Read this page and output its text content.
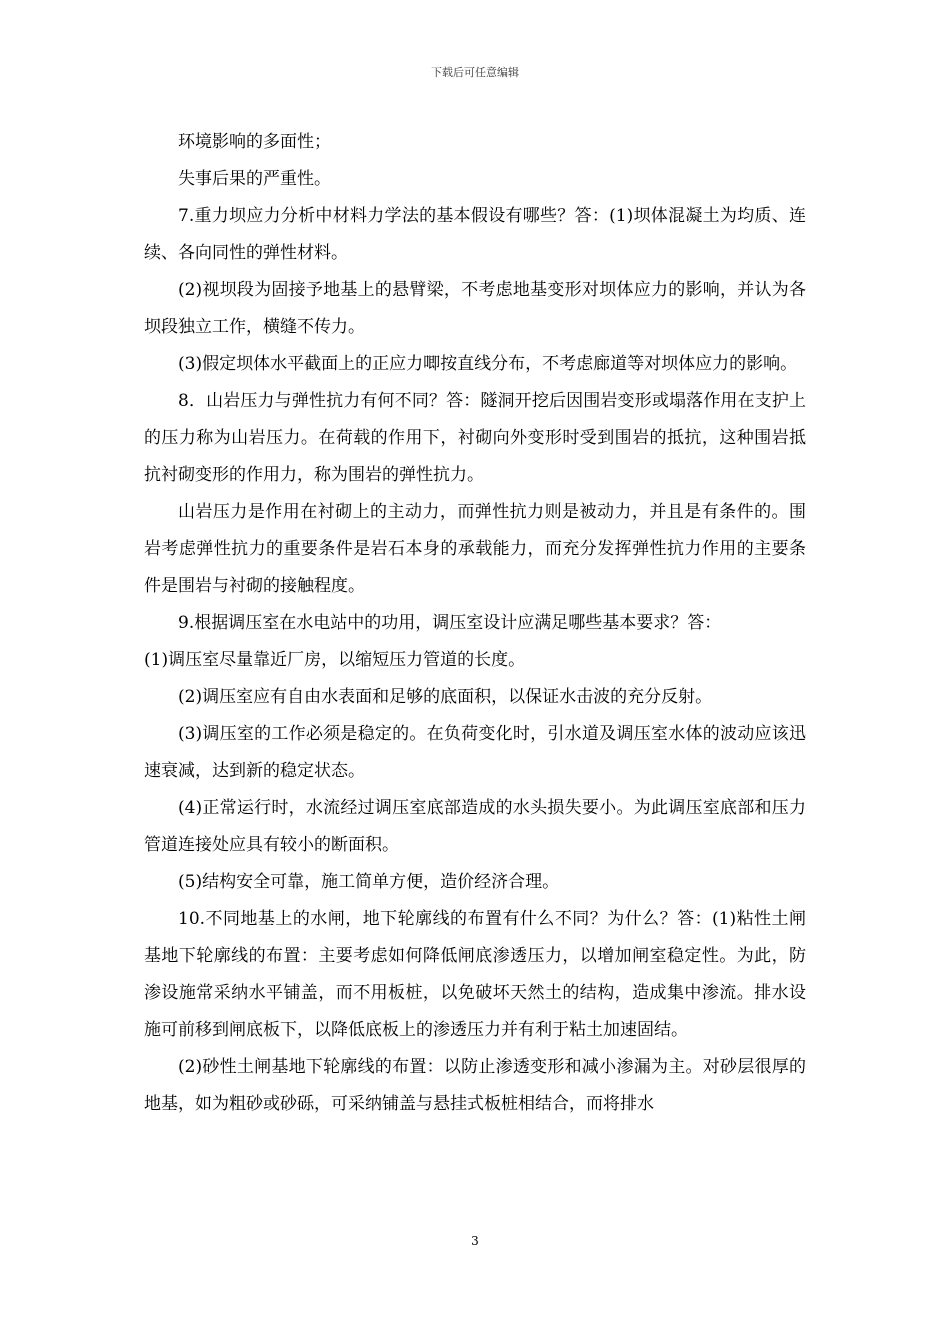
下载后可任意编辑

环境影响的多面性；

失事后果的严重性。

7.重力坝应力分析中材料力学法的基本假设有哪些？答：(1)坝体混凝土为均质、连续、各向同性的弹性材料。

(2)视坝段为固接予地基上的悬臂梁，不考虑地基变形对坝体应力的影响，并认为各坝段独立工作，横缝不传力。

(3)假定坝体水平截面上的正应力唧按直线分布，不考虑廊道等对坝体应力的影响。

8．山岩压力与弹性抗力有何不同？答：隧洞开挖后因围岩变形或塌落作用在支护上的压力称为山岩压力。在荷载的作用下，衬砌向外变形时受到围岩的抵抗，这种围岩抵抗衬砌变形的作用力，称为围岩的弹性抗力。

山岩压力是作用在衬砌上的主动力，而弹性抗力则是被动力，并且是有条件的。围岩考虑弹性抗力的重要条件是岩石本身的承载能力，而充分发挥弹性抗力作用的主要条件是围岩与衬砌的接触程度。

9.根据调压室在水电站中的功用，调压室设计应满足哪些基本要求？答：

(1)调压室尽量靠近厂房，以缩短压力管道的长度。

(2)调压室应有自由水表面和足够的底面积，以保证水击波的充分反射。

(3)调压室的工作必须是稳定的。在负荷变化时，引水道及调压室水体的波动应该迅速衰减，达到新的稳定状态。

(4)正常运行时，水流经过调压室底部造成的水头损失要小。为此调压室底部和压力管道连接处应具有较小的断面积。

(5)结构安全可靠，施工简单方便，造价经济合理。

10.不同地基上的水闸，地下轮廓线的布置有什么不同？为什么？答：(1)粘性土闸基地下轮廓线的布置：主要考虑如何降低闸底渗透压力，以增加闸室稳定性。为此，防渗设施常采纳水平铺盖，而不用板桩，以免破坏天然土的结构，造成集中渗流。排水设施可前移到闸底板下，以降低底板上的渗透压力并有利于粘土加速固结。

(2)砂性土闸基地下轮廓线的布置：以防止渗透变形和减小渗漏为主。对砂层很厚的地基，如为粗砂或砂砾，可采纳铺盖与悬挂式板桩相结合，而将排水

3
